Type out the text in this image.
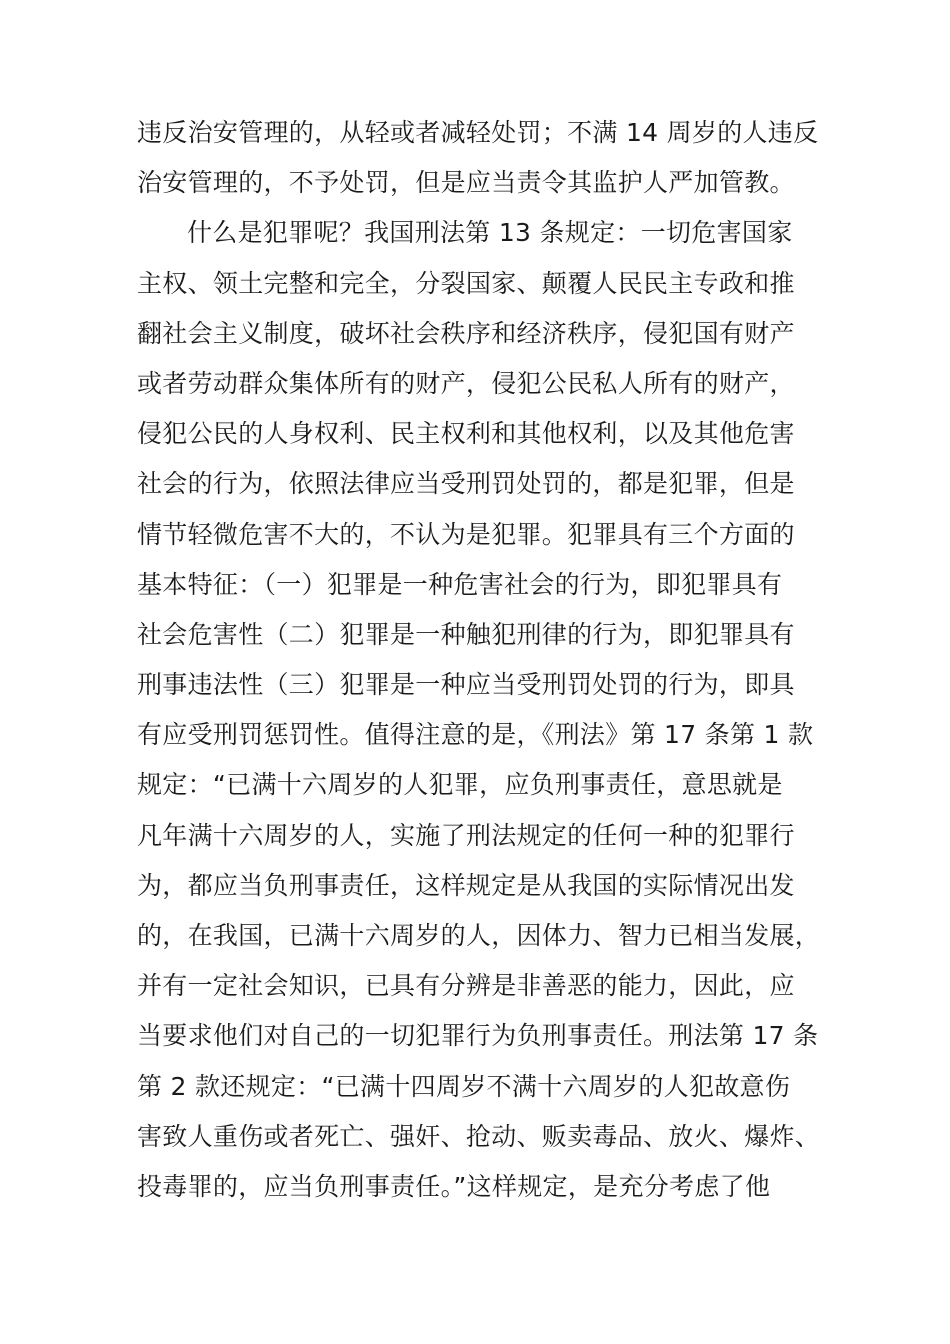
违反治安管理的，从轻或者减轻处罚；不满 14 周岁的人违反
治安管理的，不予处罚，但是应当责令其监护人严加管教。
什么是犯罪呢？我国刑法第 13 条规定：一切危害国家
主权、领土完整和完全，分裂国家、颠覆人民民主专政和推
翻社会主义制度，破坏社会秩序和经济秩序，侵犯国有财产
或者劳动群众集体所有的财产，侵犯公民私人所有的财产，
侵犯公民的人身权利、民主权利和其他权利，以及其他危害
社会的行为，依照法律应当受刑罚处罚的，都是犯罪，但是
情节轻微危害不大的，不认为是犯罪。犯罪具有三个方面的
基本特征：（一）犯罪是一种危害社会的行为，即犯罪具有
社会危害性（二）犯罪是一种触犯刑律的行为，即犯罪具有
刑事违法性（三）犯罪是一种应当受刑罚处罚的行为，即具
有应受刑罚惩罚性。值得注意的是，《刑法》第 17 条第 1 款
规定：“已满十六周岁的人犯罪，应负刑事责任，意思就是
凡年满十六周岁的人，实施了刑法规定的任何一种的犯罪行
为，都应当负刑事责任，这样规定是从我国的实际情况出发
的，在我国，已满十六周岁的人，因体力、智力已相当发展，
并有一定社会知识，已具有分辨是非善恶的能力，因此，应
当要求他们对自己的一切犯罪行为负刑事责任。刑法第 17 条
第 2 款还规定：“已满十四周岁不满十六周岁的人犯故意伤
害致人重伤或者死亡、强奸、抢动、贩卖毒品、放火、爆炸、
投毒罪的，应当负刑事责任。”这样规定，是充分考虑了他
